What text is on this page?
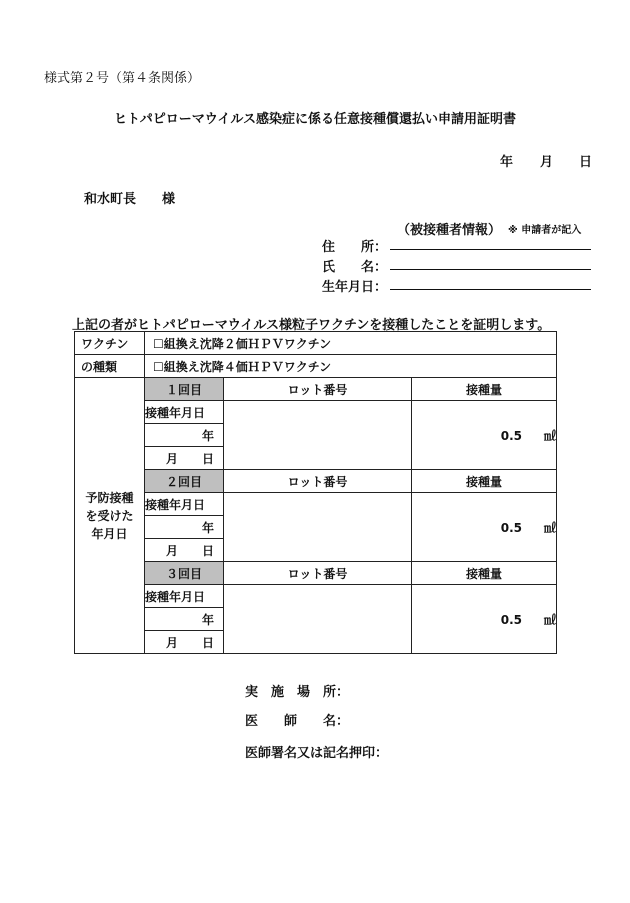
様式第２号（第４条関係）
ヒトパピローマウイルス感染症に係る任意接種償還払い申請用証明書
年 月 日
和水町長 様
（被接種者情報） ※ 申請者が記入
住　　所：
氏　　名：
生年月日：
上記の者がヒトパピローマウイルス様粒子ワクチンを接種したことを証明します。
ワクチン	☐組換え沈降２価ＨＰＶワクチン		

の種類	☐組換え沈降４価ＨＰＶワクチン		

予防接種
を受けた
年月日	１回目	ロット番号	接種量
	接種年月日		0.5 ㎖
	年		

	月 日		

	２回目	ロット番号	接種量
	接種年月日		0.5 ㎖
	年		

	月 日		

	３回目	ロット番号	接種量
	接種年月日		0.5 ㎖
	年		

	月 日		
実　施　場　所：
医　　師　　名：
医師署名又は記名押印：
